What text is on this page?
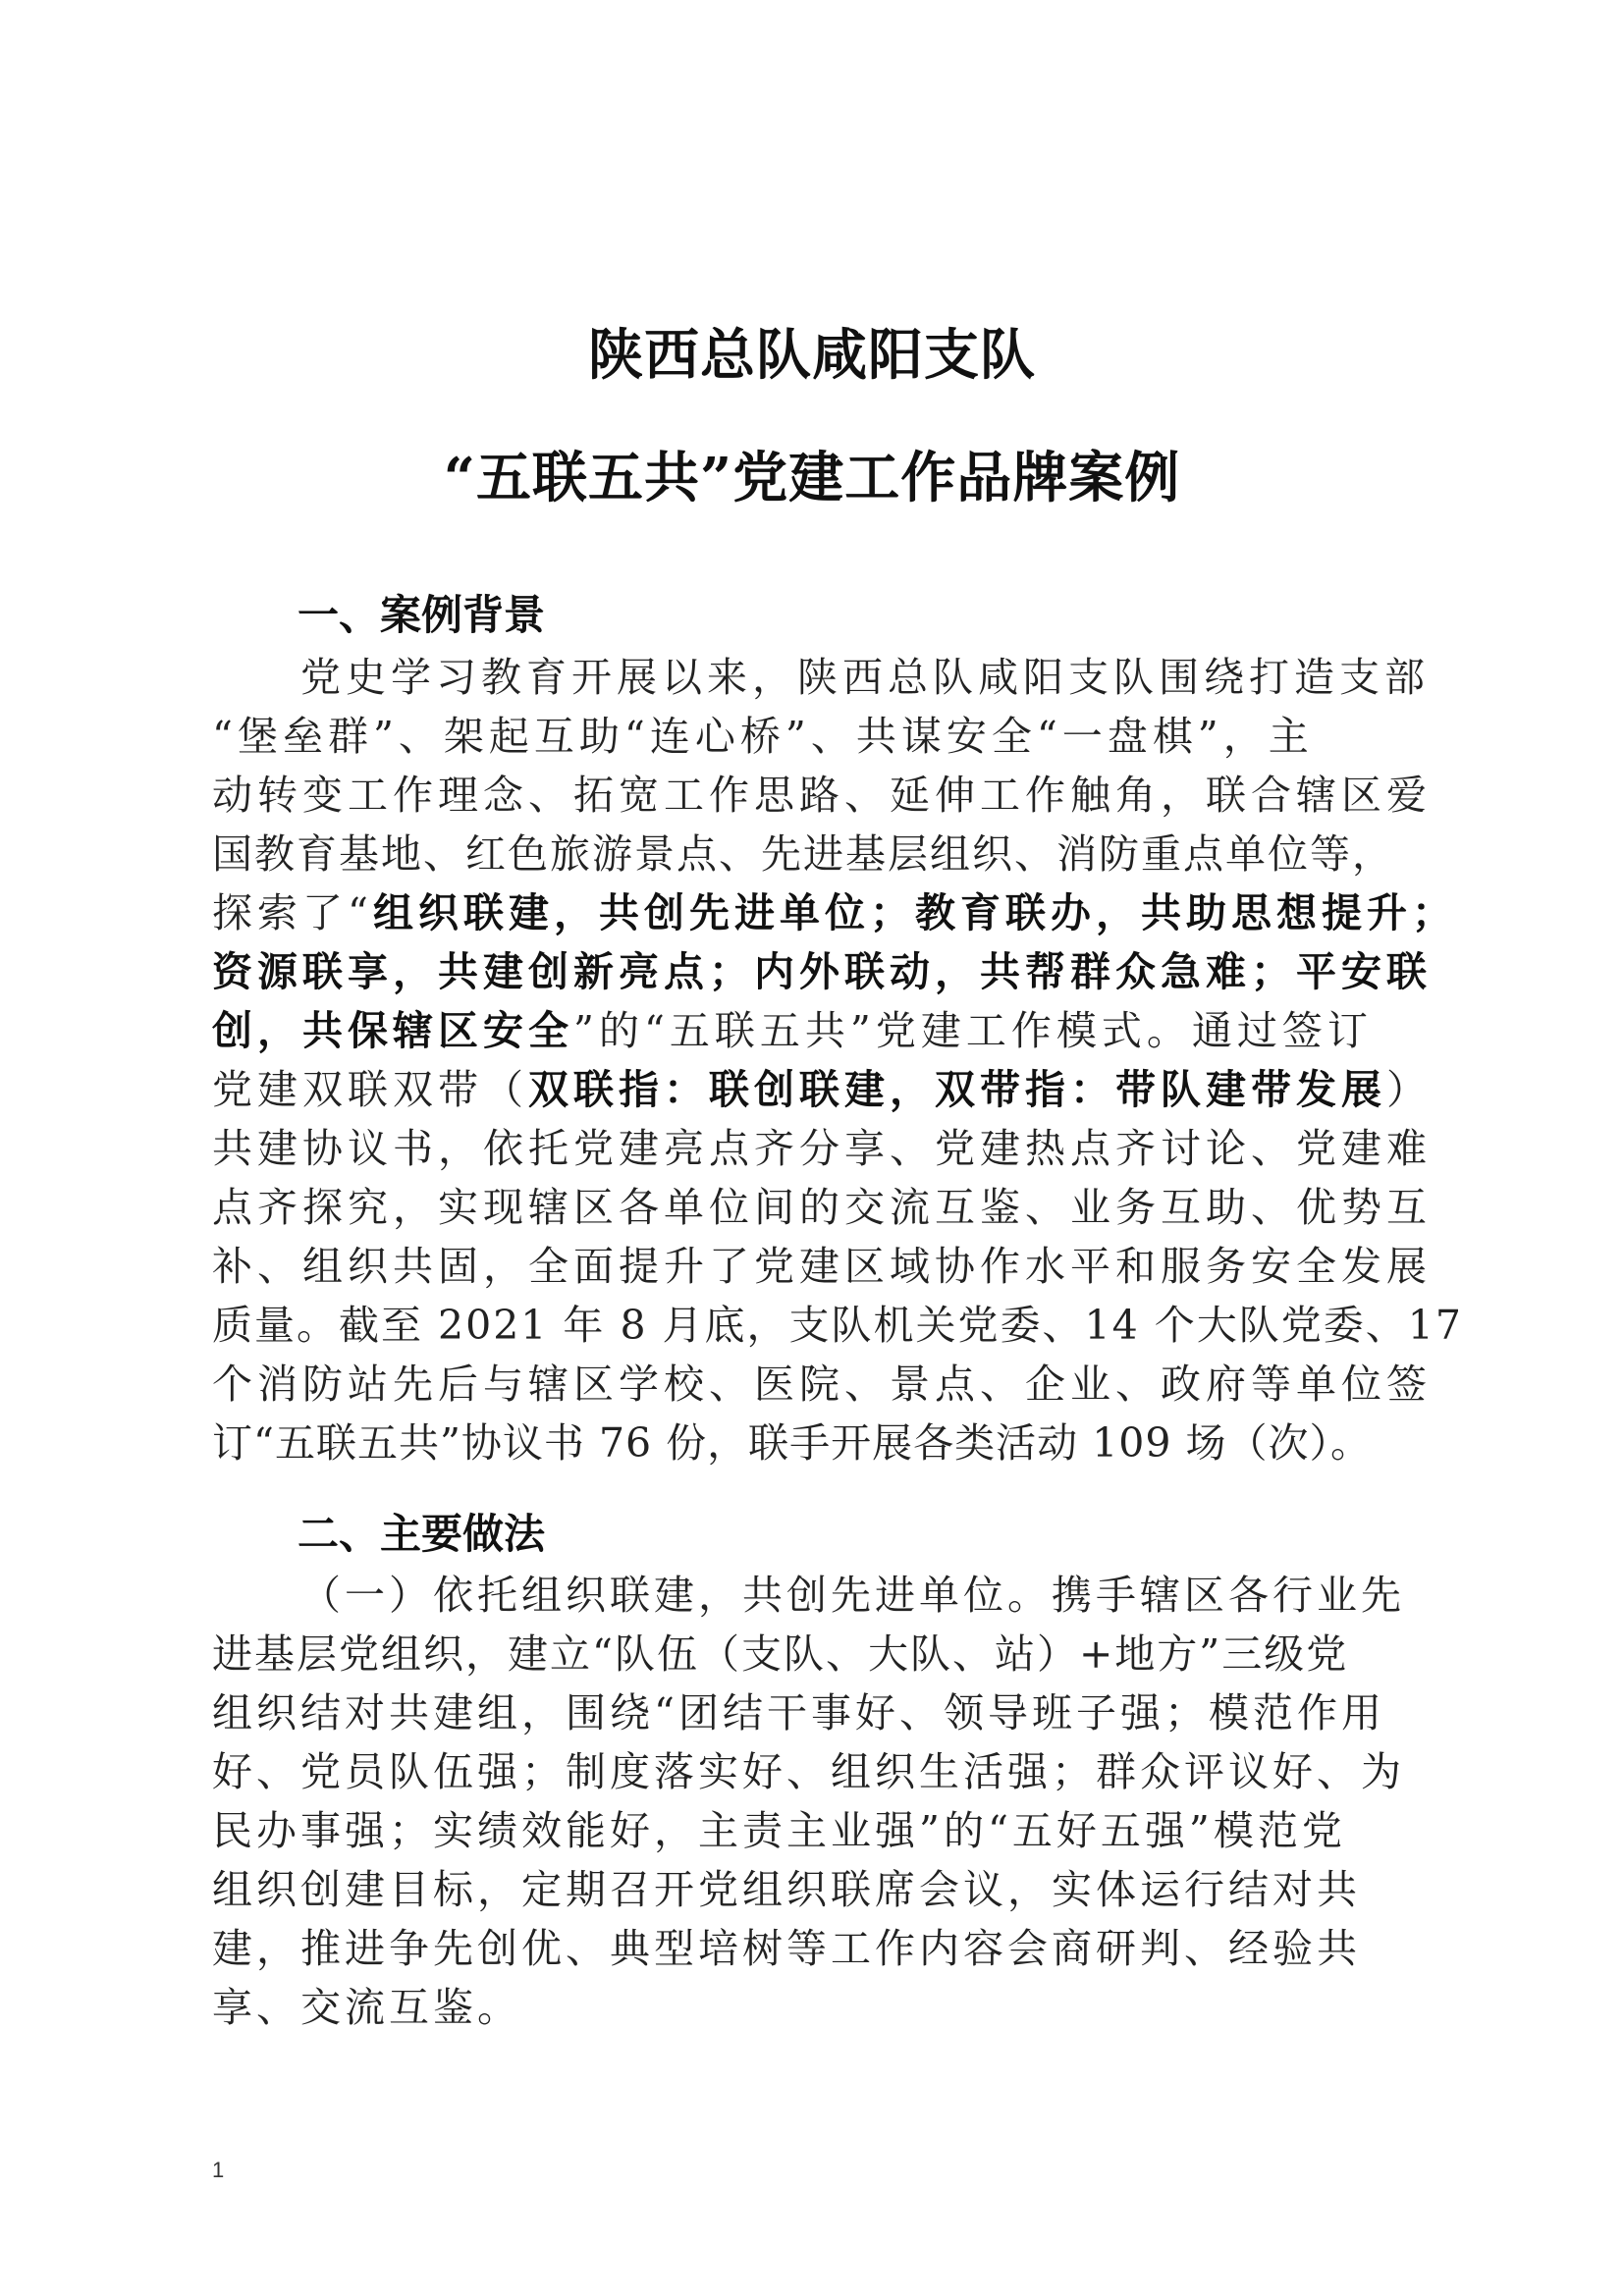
陕西总队咸阳支队
“五联五共”党建工作品牌案例
一、案例背景
党史学习教育开展以来，陕西总队咸阳支队围绕打造支部
“堡垒群”、架起互助“连心桥”、共谋安全“一盘棋”，主
动转变工作理念、拓宽工作思路、延伸工作触角，联合辖区爱
国教育基地、红色旅游景点、先进基层组织、消防重点单位等，
探索了“组织联建，共创先进单位；教育联办，共助思想提升；
资源联享，共建创新亮点；内外联动，共帮群众急难；平安联
创，共保辖区安全”的“五联五共”党建工作模式。通过签订
党建双联双带（双联指：联创联建，双带指：带队建带发展）
共建协议书，依托党建亮点齐分享、党建热点齐讨论、党建难
点齐探究，实现辖区各单位间的交流互鉴、业务互助、优势互
补、组织共固，全面提升了党建区域协作水平和服务安全发展
质量。截至 2021 年 8 月底，支队机关党委、14 个大队党委、17
个消防站先后与辖区学校、医院、景点、企业、政府等单位签
订“五联五共”协议书 76 份，联手开展各类活动 109 场（次）。
二、主要做法
（一）依托组织联建，共创先进单位。携手辖区各行业先
进基层党组织，建立“队伍（支队、大队、站）+地方”三级党
组织结对共建组，围绕“团结干事好、领导班子强；模范作用
好、党员队伍强；制度落实好、组织生活强；群众评议好、为
民办事强；实绩效能好，主责主业强”的“五好五强”模范党
组织创建目标，定期召开党组织联席会议，实体运行结对共
建，推进争先创优、典型培树等工作内容会商研判、经验共
享、交流互鉴。
1
